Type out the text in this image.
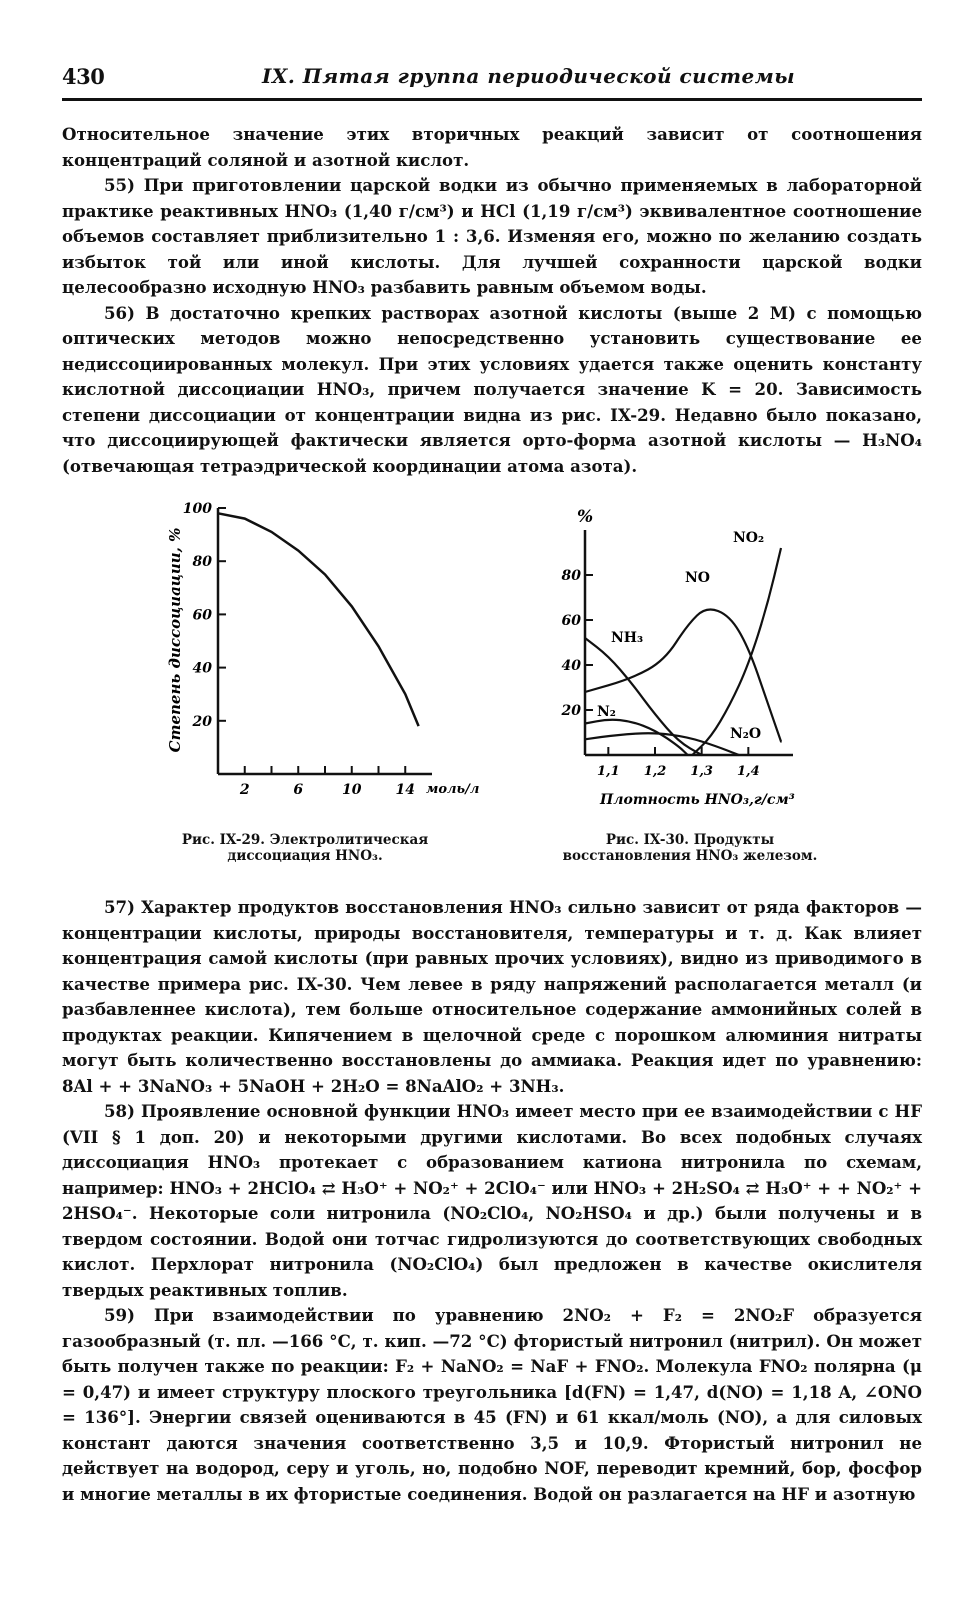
430	IX. Пятая группа периодической системы

Относительное значение этих вторичных реакций зависит от соотношения концентраций соляной и азотной кислот.

55) При приготовлении царской водки из обычно применяемых в лабораторной практике реактивных HNO₃ (1,40 г/см³) и HCl (1,19 г/см³) эквивалентное соотношение объемов составляет приблизительно 1 : 3,6. Изменяя его, можно по желанию создать избыток той или иной кислоты. Для лучшей сохранности царской водки целесообразно исходную HNO₃ разбавить равным объемом воды.

56) В достаточно крепких растворах азотной кислоты (выше 2 M) с помощью оптических методов можно непосредственно установить существование ее недиссоциированных молекул. При этих условиях удается также оценить константу кислотной диссоциации HNO₃, причем получается значение K = 20. Зависимость степени диссоциации от концентрации видна из рис. IX-29. Недавно было показано, что диссоциирующей фактически является орто-форма азотной кислоты — H₃NO₄ (отвечающая тетраэдрической координации атома азота).

100
80
60
40
20
2	6	10 14
Степень диссоциации, %
моль/л
%
80
60
40
20
1,1 1,2 1,3 1,4
NO₂
NO
NH₃
N₂
N₂O
Плотность HNO₃,г/см³
Рис. IX-29. Электролитическая диссоциация HNO₃.
Рис. IX-30. Продукты восстановления HNO₃ железом.

57) Характер продуктов восстановления HNO₃ сильно зависит от ряда факторов — концентрации кислоты, природы восстановителя, температуры и т. д. Как влияет концентрация самой кислоты (при равных прочих условиях), видно из приводимого в качестве примера рис. IX-30. Чем левее в ряду напряжений располагается металл (и разбавленнее кислота), тем больше относительное содержание аммонийных солей в продуктах реакции. Кипячением в щелочной среде с порошком алюминия нитраты могут быть количественно восстановлены до аммиака. Реакция идет по уравнению: 8Al + + 3NaNO₃ + 5NaOH + 2H₂O = 8NaAlO₂ + 3NH₃.

58) Проявление основной функции HNO₃ имеет место при ее взаимодействии с HF (VII § 1 доп. 20) и некоторыми другими кислотами. Во всех подобных случаях диссоциация HNO₃ протекает с образованием катиона нитронила по схемам, например: HNO₃ + 2HClO₄ ⇄ H₃O⁺ + NO₂⁺ + 2ClO₄⁻ или HNO₃ + 2H₂SO₄ ⇄ H₃O⁺ + + NO₂⁺ + 2HSO₄⁻. Некоторые соли нитронила (NO₂ClO₄, NO₂HSO₄ и др.) были получены и в твердом состоянии. Водой они тотчас гидролизуются до соответствующих свободных кислот. Перхлорат нитронила (NO₂ClO₄) был предложен в качестве окислителя твердых реактивных топлив.

59) При взаимодействии по уравнению 2NO₂ + F₂ = 2NO₂F образуется газообразный (т. пл. —166 °С, т. кип. —72 °С) фтористый нитронил (нитрил). Он может быть получен также по реакции: F₂ + NaNO₂ = NaF + FNO₂. Молекула FNO₂ полярна (μ = 0,47) и имеет структуру плоского треугольника [d(FN) = 1,47, d(NO) = 1,18 A, ∠ONO = 136°]. Энергии связей оцениваются в 45 (FN) и 61 ккал/моль (NO), а для силовых констант даются значения соответственно 3,5 и 10,9. Фтористый нитронил не действует на водород, серу и уголь, но, подобно NOF, переводит кремний, бор, фосфор и многие металлы в их фтористые соединения. Водой он разлагается на HF и азотную
